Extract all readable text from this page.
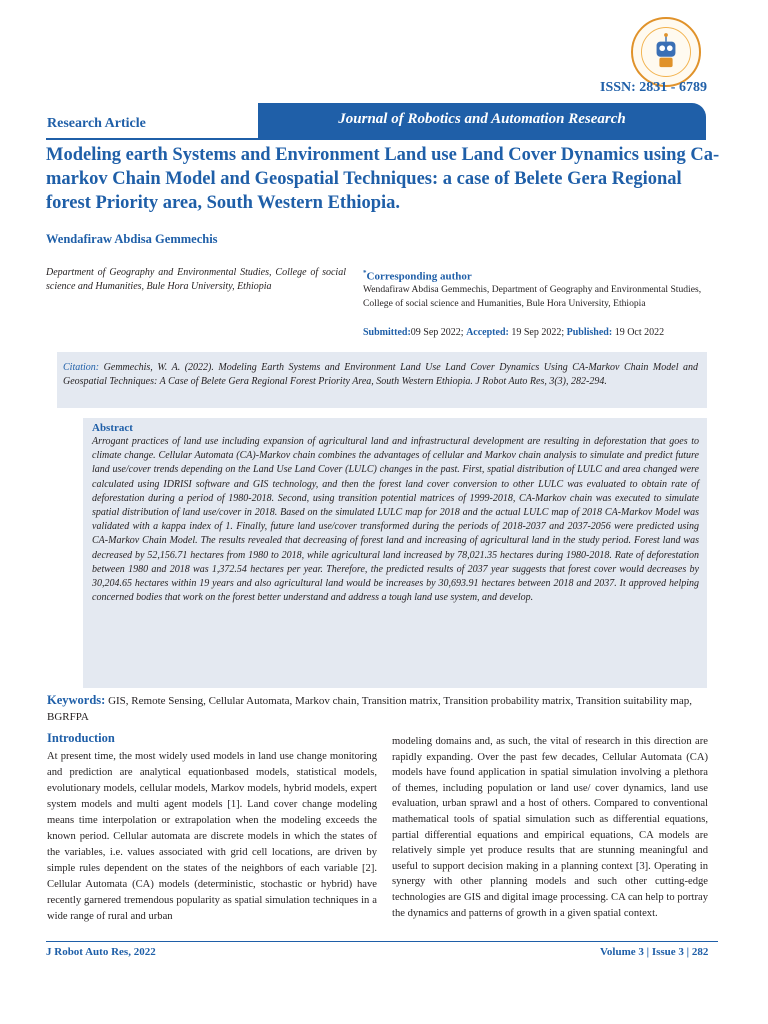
ISSN: 2831 - 6789
Research Article	Journal of Robotics and Automation Research
Modeling earth Systems and Environment Land use Land Cover Dynamics using Ca-markov Chain Model and Geospatial Techniques: a case of Belete Gera Regional forest Priority area, South Western Ethiopia.
Wendafiraw Abdisa Gemmechis
Department of Geography and Environmental Studies, College of social science and Humanities, Bule Hora University, Ethiopia
*Corresponding author
Wendafiraw Abdisa Gemmechis, Department of Geography and Environmental Studies, College of social science and Humanities, Bule Hora University, Ethiopia
Submitted:09 Sep 2022; Accepted: 19 Sep 2022; Published: 19 Oct 2022
Citation: Gemmechis, W. A. (2022). Modeling Earth Systems and Environment Land Use Land Cover Dynamics Using CA-Markov Chain Model and Geospatial Techniques: A Case of Belete Gera Regional Forest Priority Area, South Western Ethiopia. J Robot Auto Res, 3(3), 282-294.
Abstract
Arrogant practices of land use including expansion of agricultural land and infrastructural development are resulting in deforestation that goes to climate change. Cellular Automata (CA)-Markov chain combines the advantages of cellular and Markov chain analysis to simulate and predict future land use/cover trends depending on the Land Use Land Cover (LULC) changes in the past. First, spatial distribution of LULC and area changed were calculated using IDRISI software and GIS technology, and then the forest land cover conversion to other LULC was evaluated to obtain rate of deforestation during a period of 1980-2018. Second, using transition potential matrices of 1999-2018, CA-Markov chain was executed to simulate spatial distribution of land use/cover in 2018. Based on the simulated LULC map for 2018 and the actual LULC map of 2018 CA-Markov Model was validated with a kappa index of 1. Finally, future land use/cover transformed during the periods of 2018-2037 and 2037-2056 were predicted using CA-Markov Chain Model. The results revealed that decreasing of forest land and increasing of agricultural land in the study period. Forest land was decreased by 52,156.71 hectares from 1980 to 2018, while agricultural land increased by 78,021.35 hectares during 1980-2018. Rate of deforestation between 1980 and 2018 was 1,372.54 hectares per year. Therefore, the predicted results of 2037 year suggests that forest cover would decreases by 30,204.65 hectares within 19 years and also agricultural land would be increases by 30,693.91 hectares between 2018 and 2037. It approved helping concerned bodies that work on the forest better understand and address a tough land use system, and develop.
Keywords: GIS, Remote Sensing, Cellular Automata, Markov chain, Transition matrix, Transition probability matrix, Transition suitability map, BGRFPA
Introduction
At present time, the most widely used models in land use change monitoring and prediction are analytical equationbased models, statistical models, evolutionary models, cellular models, Markov models, hybrid models, expert system models and multi agent models [1]. Land cover change modeling means time interpolation or extrapolation when the modeling exceeds the known period. Cellular automata are discrete models in which the states of the variables, i.e. values associated with grid cell locations, are driven by simple rules dependent on the states of the neighbors of each variable [2]. Cellular Automata (CA) models (deterministic, stochastic or hybrid) have recently garnered tremendous popularity as spatial simulation techniques in a wide range of rural and urban
modeling domains and, as such, the vital of research in this direction are rapidly expanding. Over the past few decades, Cellular Automata (CA) models have found application in spatial simulation involving a plethora of themes, including population or land use/ cover dynamics, land use evaluation, urban sprawl and a host of others. Compared to conventional mathematical tools of spatial simulation such as differential equations, partial differential equations and empirical equations, CA models are relatively simple yet produce results that are stunning meaningful and useful to support decision making in a planning context [3]. Operating in synergy with other planning models and such other cutting-edge technologies are GIS and digital image processing. CA can help to portray the dynamics and patterns of growth in a given spatial context.
J Robot Auto Res, 2022	Volume 3 | Issue 3 | 282
